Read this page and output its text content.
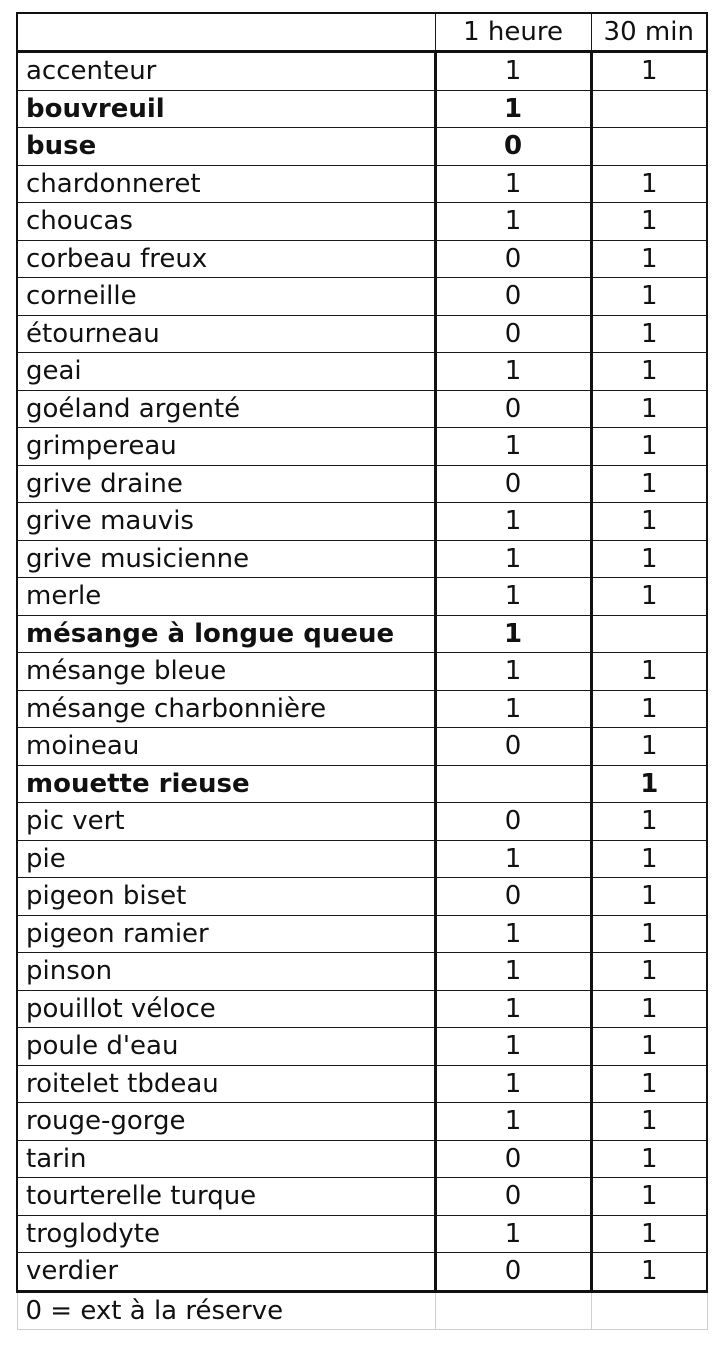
	1 heure	30 min
accenteur	1	1
bouvreuil	1	
buse	0	
chardonneret	1	1
choucas	1	1
corbeau freux	0	1
corneille	0	1
étourneau	0	1
geai	1	1
goéland argenté	0	1
grimpereau	1	1
grive draine	0	1
grive mauvis	1	1
grive musicienne	1	1
merle	1	1
mésange à longue queue	1	
mésange bleue	1	1
mésange charbonnière	1	1
moineau	0	1
mouette rieuse		1
pic vert	0	1
pie	1	1
pigeon biset	0	1
pigeon ramier	1	1
pinson	1	1
pouillot véloce	1	1
poule d'eau	1	1
roitelet tbdeau	1	1
rouge-gorge	1	1
tarin	0	1
tourterelle turque	0	1
troglodyte	1	1
verdier	0	1
0 = ext à la réserve		
